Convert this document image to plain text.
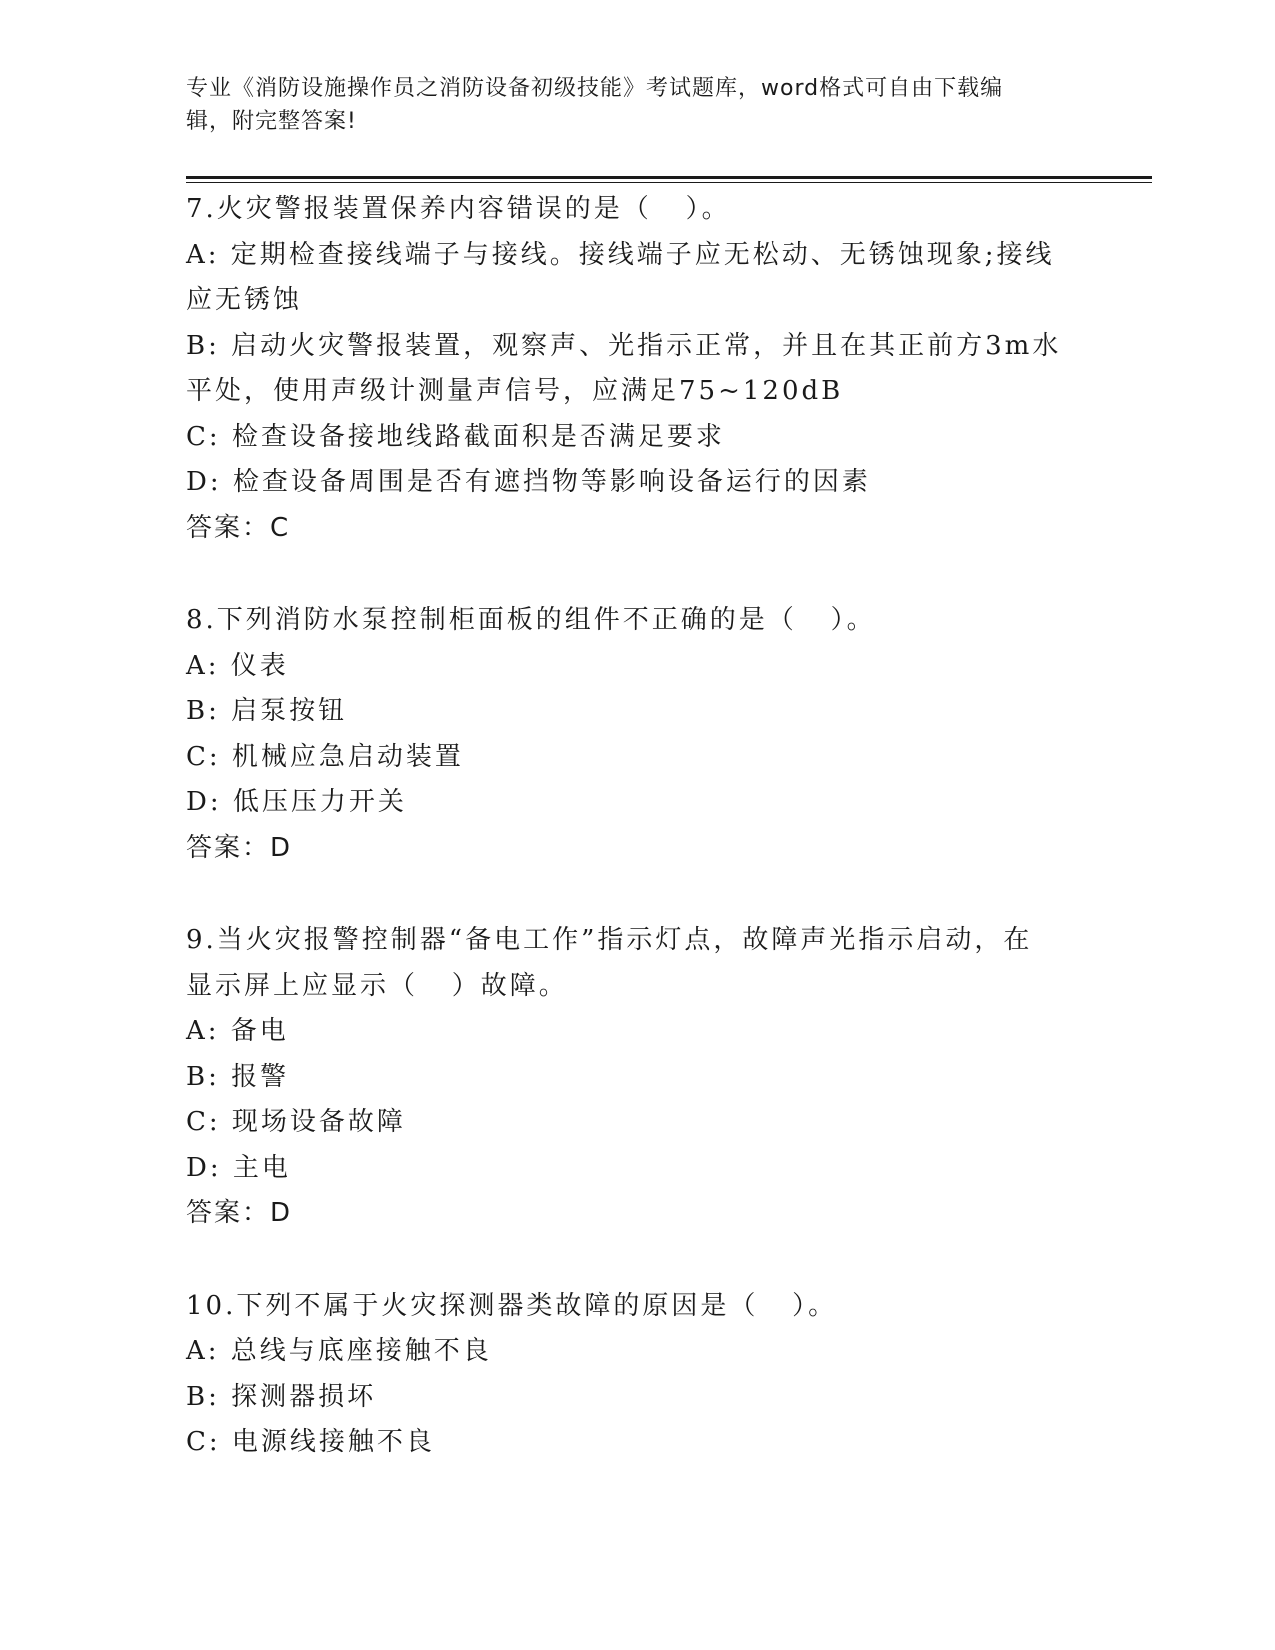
专业《消防设施操作员之消防设备初级技能》考试题库，word格式可自由下载编
辑，附完整答案!

7.火灾警报装置保养内容错误的是（   ）。

A: 定期检查接线端子与接线。接线端子应无松动、无锈蚀现象;接线

应无锈蚀

B: 启动火灾警报装置，观察声、光指示正常，并且在其正前方3m水

平处，使用声级计测量声信号，应满足75~120dB

C: 检查设备接地线路截面积是否满足要求

D: 检查设备周围是否有遮挡物等影响设备运行的因素

答案：C

8.下列消防水泵控制柜面板的组件不正确的是（   ）。

A: 仪表

B: 启泵按钮

C: 机械应急启动装置

D: 低压压力开关

答案：D

9.当火灾报警控制器“备电工作”指示灯点，故障声光指示启动，在

显示屏上应显示（   ）故障。

A: 备电

B: 报警

C: 现场设备故障

D: 主电

答案：D

10.下列不属于火灾探测器类故障的原因是（   ）。

A: 总线与底座接触不良

B: 探测器损坏

C: 电源线接触不良
